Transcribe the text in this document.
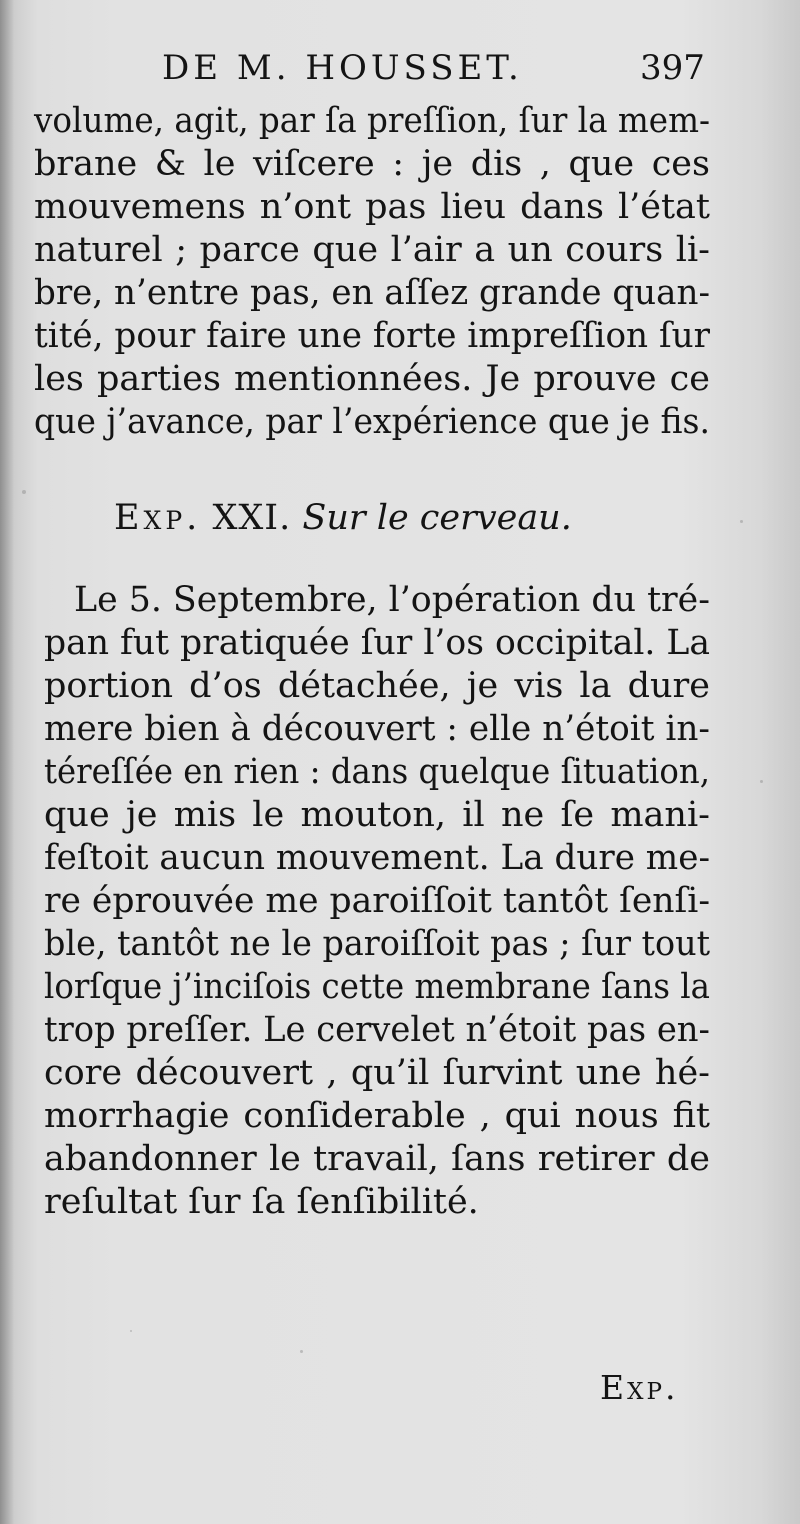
DE M. HOUSSET.	397
volume, agit, par ſa preſſion, ſur la mem-
brane & le viſcere : je dis , que ces
mouvemens n’ont pas lieu dans l’état
naturel ; parce que l’air a un cours li-
bre, n’entre pas, en aſſez grande quan-
tité, pour faire une forte impreſſion ſur
les parties mentionnées. Je prouve ce
que j’avance, par l’expérience que je fis.
Exp. XXI. Sur le cerveau.
Le 5. Septembre, l’opération du tré-
pan fut pratiquée ſur l’os occipital. La
portion d’os détachée, je vis la dure
mere bien à découvert : elle n’étoit in-
téreſſée en rien : dans quelque ſituation,
que je mis le mouton, il ne ſe mani-
feſtoit aucun mouvement. La dure me-
re éprouvée me paroiſſoit tantôt ſenſi-
ble, tantôt ne le paroiſſoit pas ; ſur tout
lorſque j’inciſois cette membrane ſans la
trop preſſer. Le cervelet n’étoit pas en-
core découvert , qu’il ſurvint une hé-
morrhagie conſiderable , qui nous fit
abandonner le travail, ſans retirer de
reſultat ſur ſa ſenſibilité.
Exp.
